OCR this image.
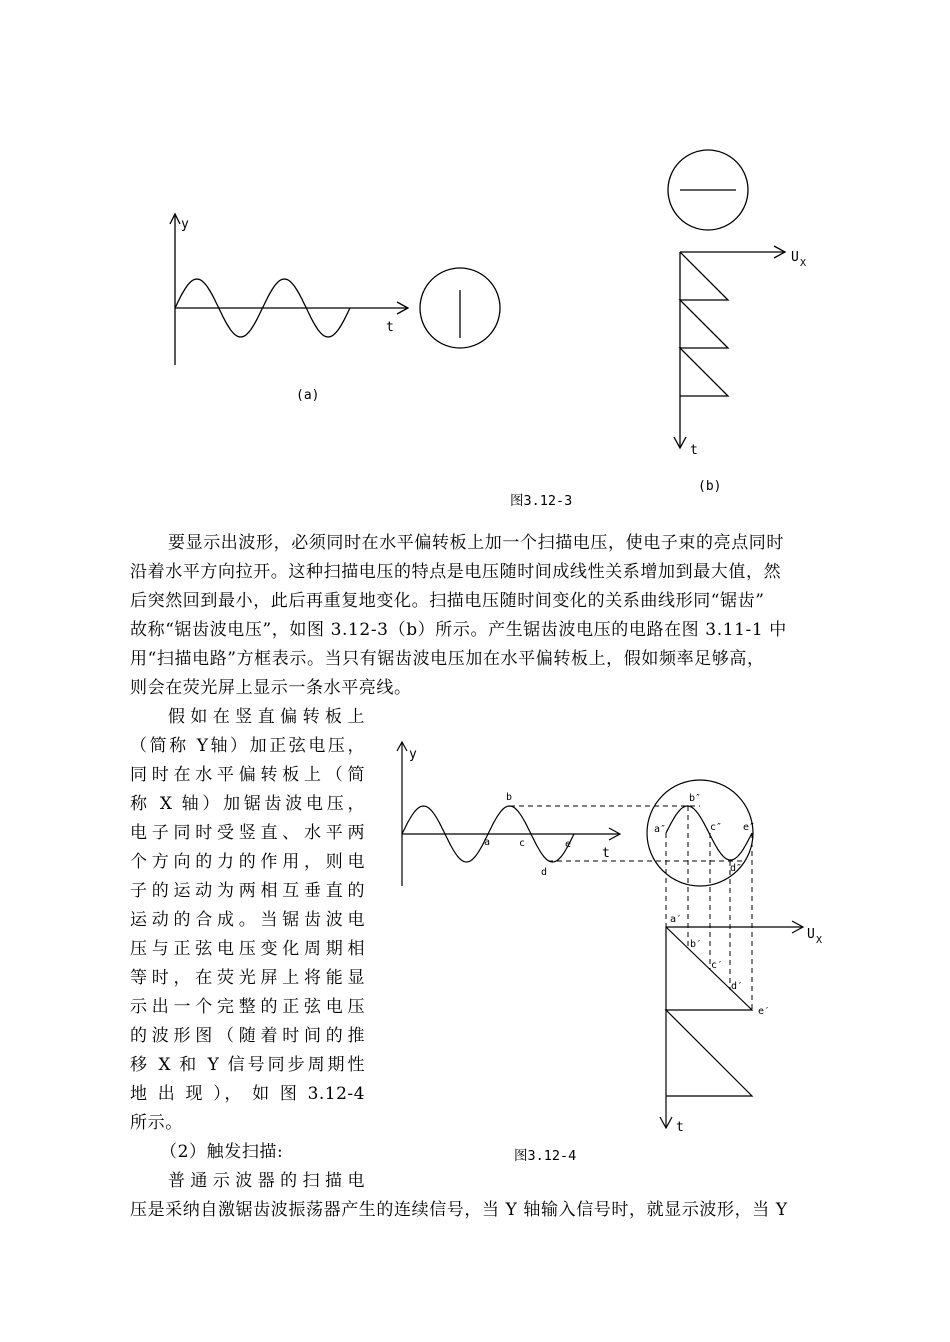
y
t
(a)
U X
t
(b)
图3.12-3
y
t
a
b
c
d
e
a″
b″
c″
d″
e″
a′
b′
c′
d′
e′
U X
t
图3.12-4
要显示出波形，必须同时在水平偏转板上加一个扫描电压，使电子束的亮点同时
沿着水平方向拉开。这种扫描电压的特点是电压随时间成线性关系增加到最大值，然
后突然回到最小，此后再重复地变化。扫描电压随时间变化的关系曲线形同“锯齿”
故称“锯齿波电压”，如图 3.12-3（b）所示。产生锯齿波电压的电路在图 3.11-1 中
用“扫描电路”方框表示。当只有锯齿波电压加在水平偏转板上，假如频率足够高，
则会在荧光屏上显示一条水平亮线。
假如在竖直偏转板上
（简称 Y轴）加正弦电压，
同时在水平偏转板上（简
称 X 轴）加锯齿波电压，
电子同时受竖直、水平两
个方向的力的作用，则电
子的运动为两相互垂直的
运动的合成。当锯齿波电
压与正弦电压变化周期相
等时，在荧光屏上将能显
示出一个完整的正弦电压
的波形图（随着时间的推
移 X 和 Y 信号同步周期性
地 出 现 ）， 如 图 3.12-4
所示。
（2）触发扫描:
普通示波器的扫描电
压是采纳自激锯齿波振荡器产生的连续信号，当 Y 轴输入信号时，就显示波形，当 Y
